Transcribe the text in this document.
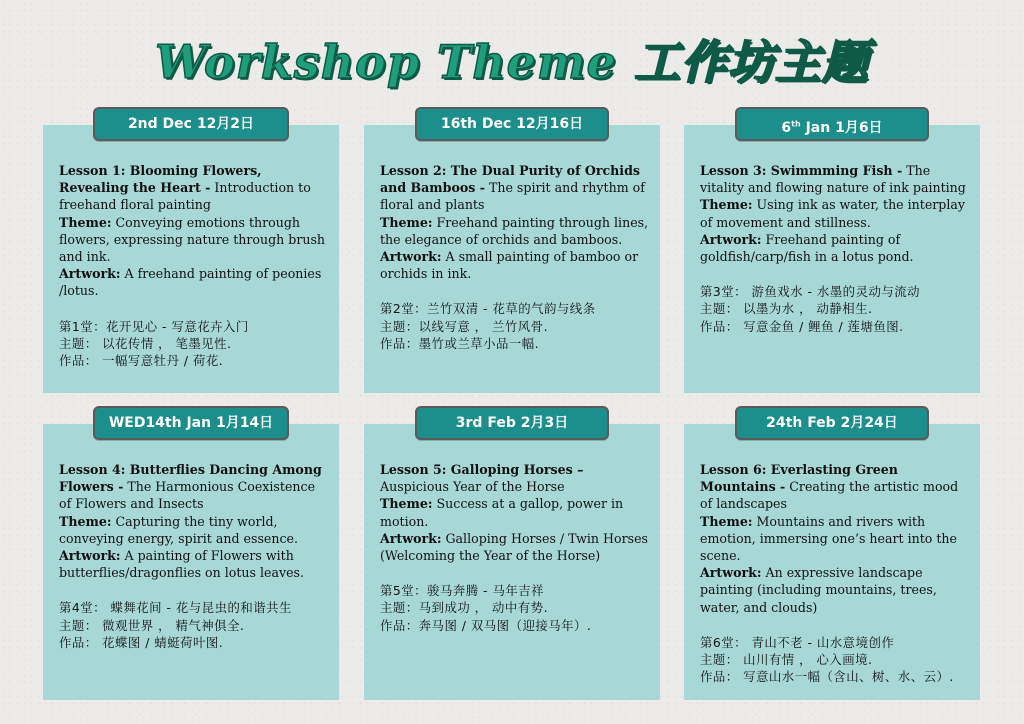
Workshop Theme 工作坊主题
2nd Dec 12月2日

Lesson 1: Blooming Flowers, Revealing the Heart - Introduction to freehand floral painting

Theme: Conveying emotions through flowers, expressing nature through brush and ink.

Artwork: A freehand painting of peonies /lotus.

第1堂：花开见心 - 写意花卉入门

主题： 以花传情 ， 笔墨见性.

作品： 一幅写意牡丹 / 荷花.

16th Dec 12月16日

Lesson 2: The Dual Purity of Orchids and Bamboos - The spirit and rhythm of floral and plants

Theme: Freehand painting through lines, the elegance of orchids and bamboos.

Artwork: A small painting of bamboo or orchids in ink.

第2堂：兰竹双清 - 花草的气韵与线条

主题：以线写意 ， 兰竹风骨.

作品：墨竹或兰草小品一幅.

6th Jan 1月6日

Lesson 3: Swimmming Fish - The vitality and flowing nature of ink painting

Theme: Using ink as water, the interplay of movement and stillness.

Artwork: Freehand painting of goldfish/carp/fish in a lotus pond.

第3堂： 游鱼戏水 - 水墨的灵动与流动

主题： 以墨为水 ， 动静相生.

作品： 写意金鱼 / 鲤鱼 / 莲塘鱼图.

WED14th Jan 1月14日

Lesson 4: Butterflies Dancing Among Flowers - The Harmonious Coexistence of Flowers and Insects

Theme: Capturing the tiny world, conveying energy, spirit and essence.

Artwork: A painting of Flowers with butterflies/dragonflies on lotus leaves.

第4堂： 蝶舞花间 - 花与昆虫的和谐共生

主题： 微观世界 ， 精气神俱全.

作品： 花蝶图 / 蜻蜓荷叶图.

3rd Feb 2月3日

Lesson 5: Galloping Horses – Auspicious Year of the Horse

Theme: Success at a gallop, power in motion.

Artwork: Galloping Horses / Twin Horses (Welcoming the Year of the Horse)

第5堂：骏马奔腾 - 马年吉祥

主题：马到成功 ， 动中有势.

作品：奔马图 / 双马图（迎接马年）.

24th Feb 2月24日

Lesson 6: Everlasting Green Mountains - Creating the artistic mood of landscapes

Theme: Mountains and rivers with emotion, immersing one’s heart into the scene.

Artwork: An expressive landscape painting (including mountains, trees, water, and clouds)

第6堂： 青山不老 - 山水意境创作

主题： 山川有情 ， 心入画境.

作品： 写意山水一幅（含山、树、水、云）.
